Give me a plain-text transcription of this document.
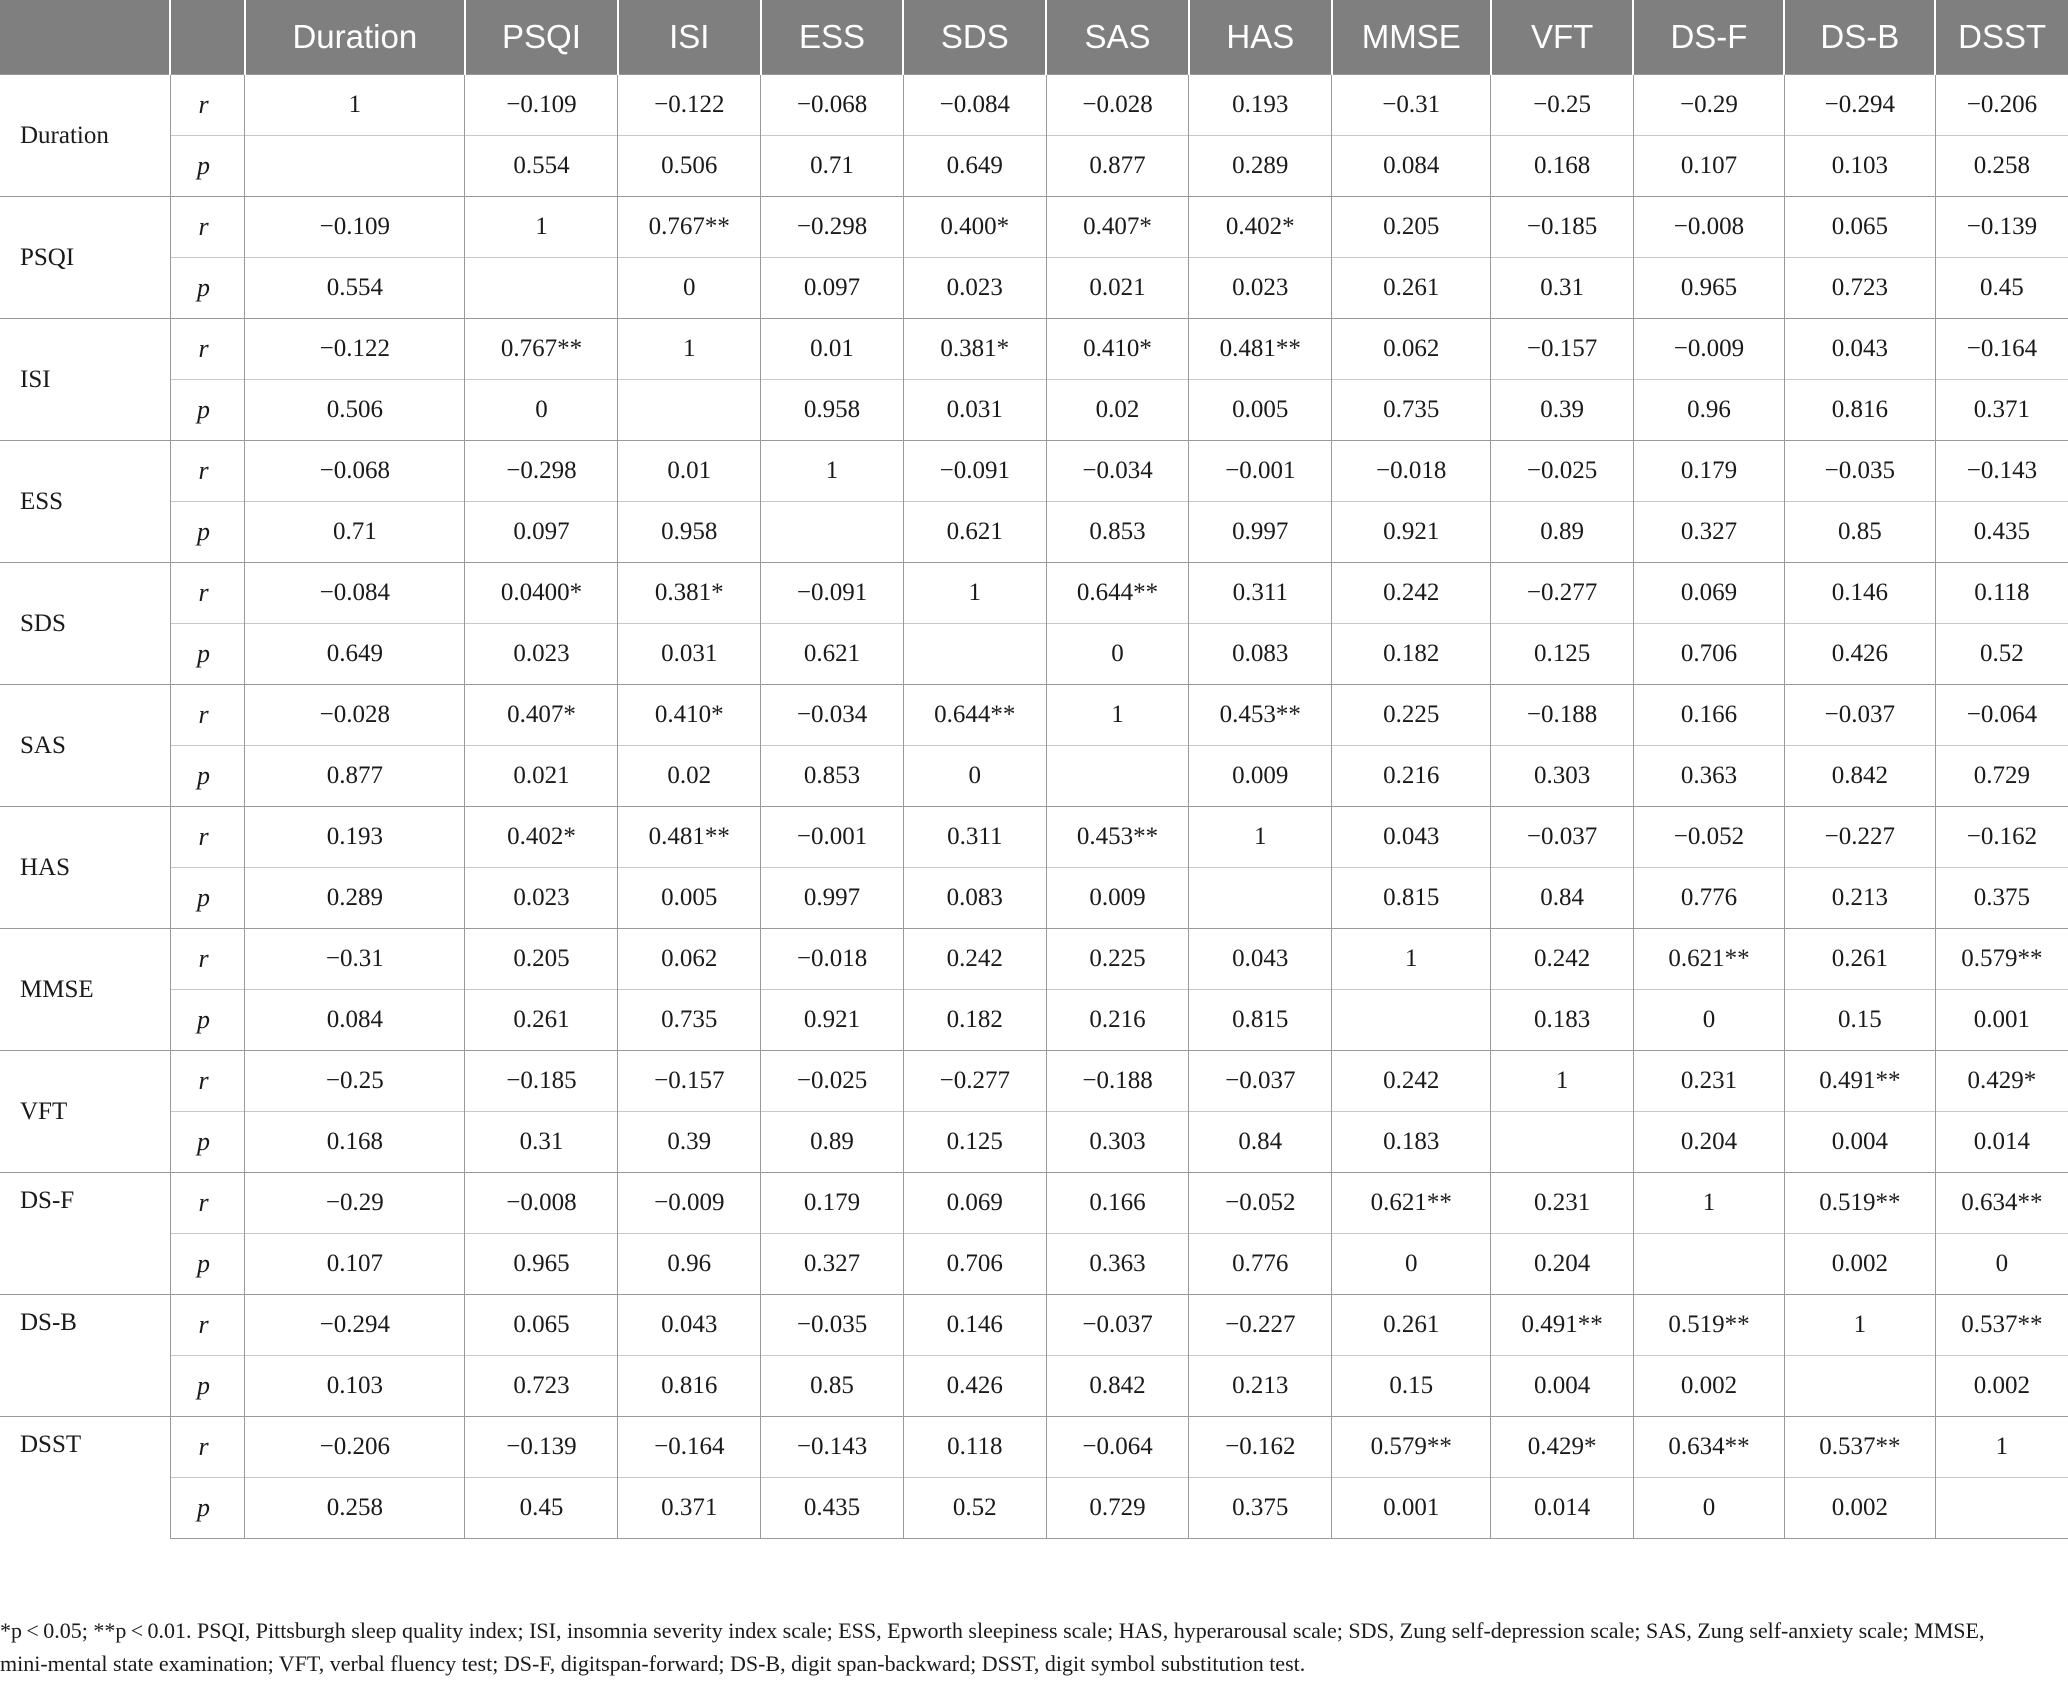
		Duration	PSQI	ISI	ESS	SDS	SAS	HAS	MMSE	VFT	DS-F	DS-B	DSST
Duration	r	1	−0.109	−0.122	−0.068	−0.084	−0.028	0.193	−0.31	−0.25	−0.29	−0.294	−0.206
	p		0.554	0.506	0.71	0.649	0.877	0.289	0.084	0.168	0.107	0.103	0.258
PSQI	r	−0.109	1	0.767**	−0.298	0.400*	0.407*	0.402*	0.205	−0.185	−0.008	0.065	−0.139
	p	0.554		0	0.097	0.023	0.021	0.023	0.261	0.31	0.965	0.723	0.45
ISI	r	−0.122	0.767**	1	0.01	0.381*	0.410*	0.481**	0.062	−0.157	−0.009	0.043	−0.164
	p	0.506	0		0.958	0.031	0.02	0.005	0.735	0.39	0.96	0.816	0.371
ESS	r	−0.068	−0.298	0.01	1	−0.091	−0.034	−0.001	−0.018	−0.025	0.179	−0.035	−0.143
	p	0.71	0.097	0.958		0.621	0.853	0.997	0.921	0.89	0.327	0.85	0.435
SDS	r	−0.084	0.0400*	0.381*	−0.091	1	0.644**	0.311	0.242	−0.277	0.069	0.146	0.118
	p	0.649	0.023	0.031	0.621		0	0.083	0.182	0.125	0.706	0.426	0.52
SAS	r	−0.028	0.407*	0.410*	−0.034	0.644**	1	0.453**	0.225	−0.188	0.166	−0.037	−0.064
	p	0.877	0.021	0.02	0.853	0		0.009	0.216	0.303	0.363	0.842	0.729
HAS	r	0.193	0.402*	0.481**	−0.001	0.311	0.453**	1	0.043	−0.037	−0.052	−0.227	−0.162
	p	0.289	0.023	0.005	0.997	0.083	0.009		0.815	0.84	0.776	0.213	0.375
MMSE	r	−0.31	0.205	0.062	−0.018	0.242	0.225	0.043	1	0.242	0.621**	0.261	0.579**
	p	0.084	0.261	0.735	0.921	0.182	0.216	0.815		0.183	0	0.15	0.001
VFT	r	−0.25	−0.185	−0.157	−0.025	−0.277	−0.188	−0.037	0.242	1	0.231	0.491**	0.429*
	p	0.168	0.31	0.39	0.89	0.125	0.303	0.84	0.183		0.204	0.004	0.014
DS-F	r	−0.29	−0.008	−0.009	0.179	0.069	0.166	−0.052	0.621**	0.231	1	0.519**	0.634**
	p	0.107	0.965	0.96	0.327	0.706	0.363	0.776	0	0.204		0.002	0
DS-B	r	−0.294	0.065	0.043	−0.035	0.146	−0.037	−0.227	0.261	0.491**	0.519**	1	0.537**
	p	0.103	0.723	0.816	0.85	0.426	0.842	0.213	0.15	0.004	0.002		0.002
DSST	r	−0.206	−0.139	−0.164	−0.143	0.118	−0.064	−0.162	0.579**	0.429*	0.634**	0.537**	1
	p	0.258	0.45	0.371	0.435	0.52	0.729	0.375	0.001	0.014	0	0.002	
*p < 0.05; **p < 0.01. PSQI, Pittsburgh sleep quality index; ISI, insomnia severity index scale; ESS, Epworth sleepiness scale; HAS, hyperarousal scale; SDS, Zung self-depression scale; SAS, Zung self-anxiety scale; MMSE, mini-mental state examination; VFT, verbal fluency test; DS-F, digitspan-forward; DS-B, digit span-backward; DSST, digit symbol substitution test.
